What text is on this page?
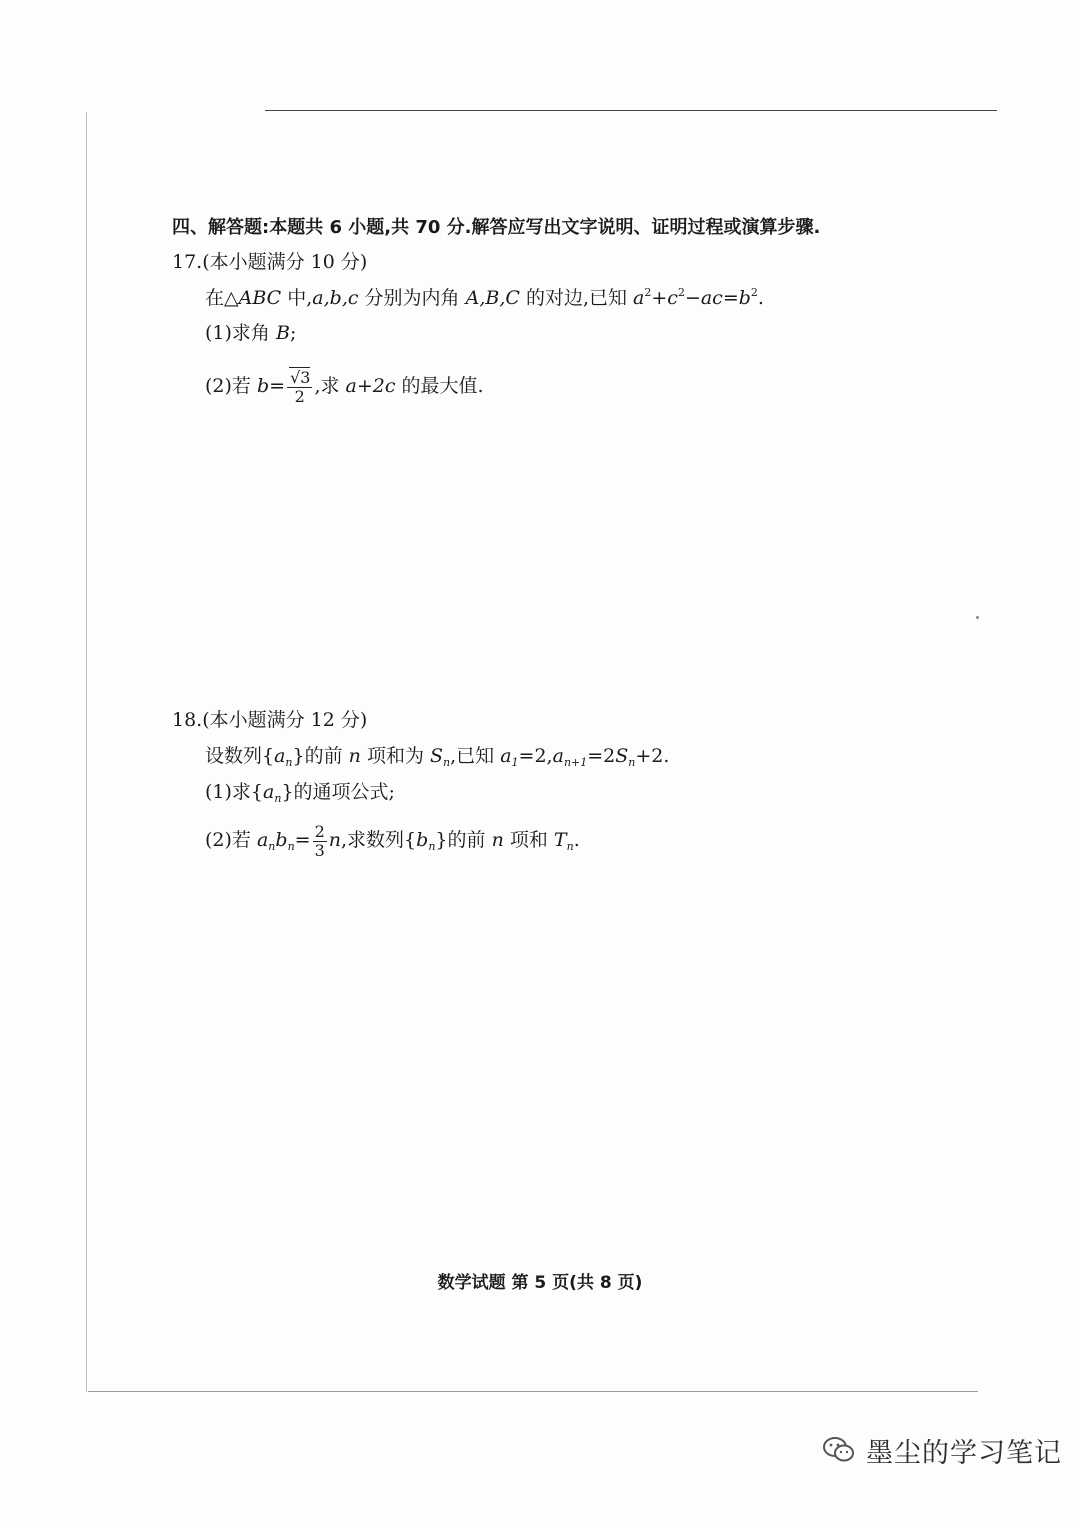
四、解答题:本题共 6 小题,共 70 分.解答应写出文字说明、证明过程或演算步骤.
17.(本小题满分 10 分)
在△ABC 中,a,b,c 分别为内角 A,B,C 的对边,已知 $a^2+c^2-ac=b^2$.
(1)求角 B;
(2)若 $b= \frac{√3}{2}$ ,求 a+2c 的最大值.
18.(本小题满分 12 分)
设数列$\{a_n\}$的前 n 项和为 $S_n$,已知 $a_1=2,a_{n+1}=2S_n+2$.
(1)求$\{a_n\}$的通项公式;
(2)若 $a_nb_n= \frac{2}{3} n$,求数列$\{b_n\}$的前 n 项和 $T_n$.
数学试题 第 5 页(共 8 页)
墨尘的学习笔记
